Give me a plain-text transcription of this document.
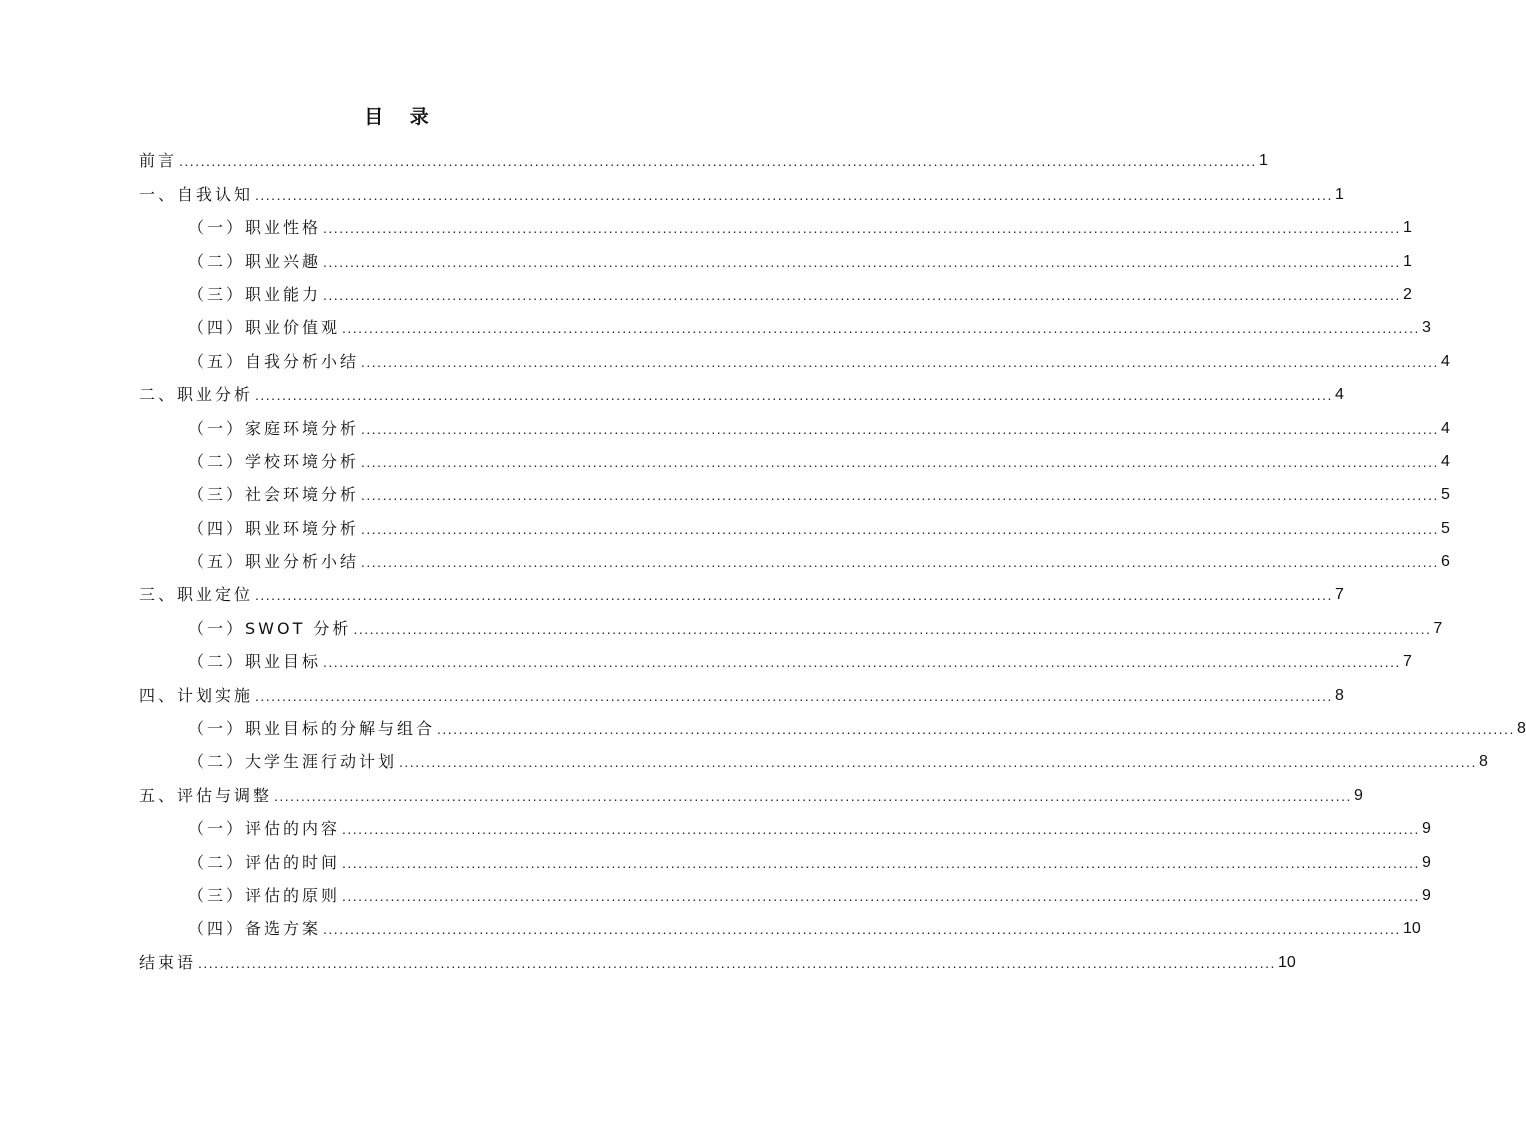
目 录
前言 ........................................................................................................................................................................................................ 1
一、自我认知 ........................................................................................................................................................................................................ 1
（一）职业性格 ........................................................................................................................................................................................................ 1
（二）职业兴趣 ........................................................................................................................................................................................................ 1
（三）职业能力 ........................................................................................................................................................................................................ 2
（四）职业价值观 ........................................................................................................................................................................................................ 3
（五）自我分析小结 ........................................................................................................................................................................................................ 4
二、职业分析 ........................................................................................................................................................................................................ 4
（一）家庭环境分析 ........................................................................................................................................................................................................ 4
（二）学校环境分析 ........................................................................................................................................................................................................ 4
（三）社会环境分析 ........................................................................................................................................................................................................ 5
（四）职业环境分析 ........................................................................................................................................................................................................ 5
（五）职业分析小结 ........................................................................................................................................................................................................ 6
三、职业定位 ........................................................................................................................................................................................................ 7
（一）SWOT 分析 ........................................................................................................................................................................................................ 7
（二）职业目标 ........................................................................................................................................................................................................ 7
四、计划实施 ........................................................................................................................................................................................................ 8
（一）职业目标的分解与组合 ........................................................................................................................................................................................................ 8
（二）大学生涯行动计划 ........................................................................................................................................................................................................ 8
五、评估与调整 ........................................................................................................................................................................................................ 9
（一）评估的内容 ........................................................................................................................................................................................................ 9
（二）评估的时间 ........................................................................................................................................................................................................ 9
（三）评估的原则 ........................................................................................................................................................................................................ 9
（四）备选方案 ........................................................................................................................................................................................................ 10
结束语 ........................................................................................................................................................................................................ 10
